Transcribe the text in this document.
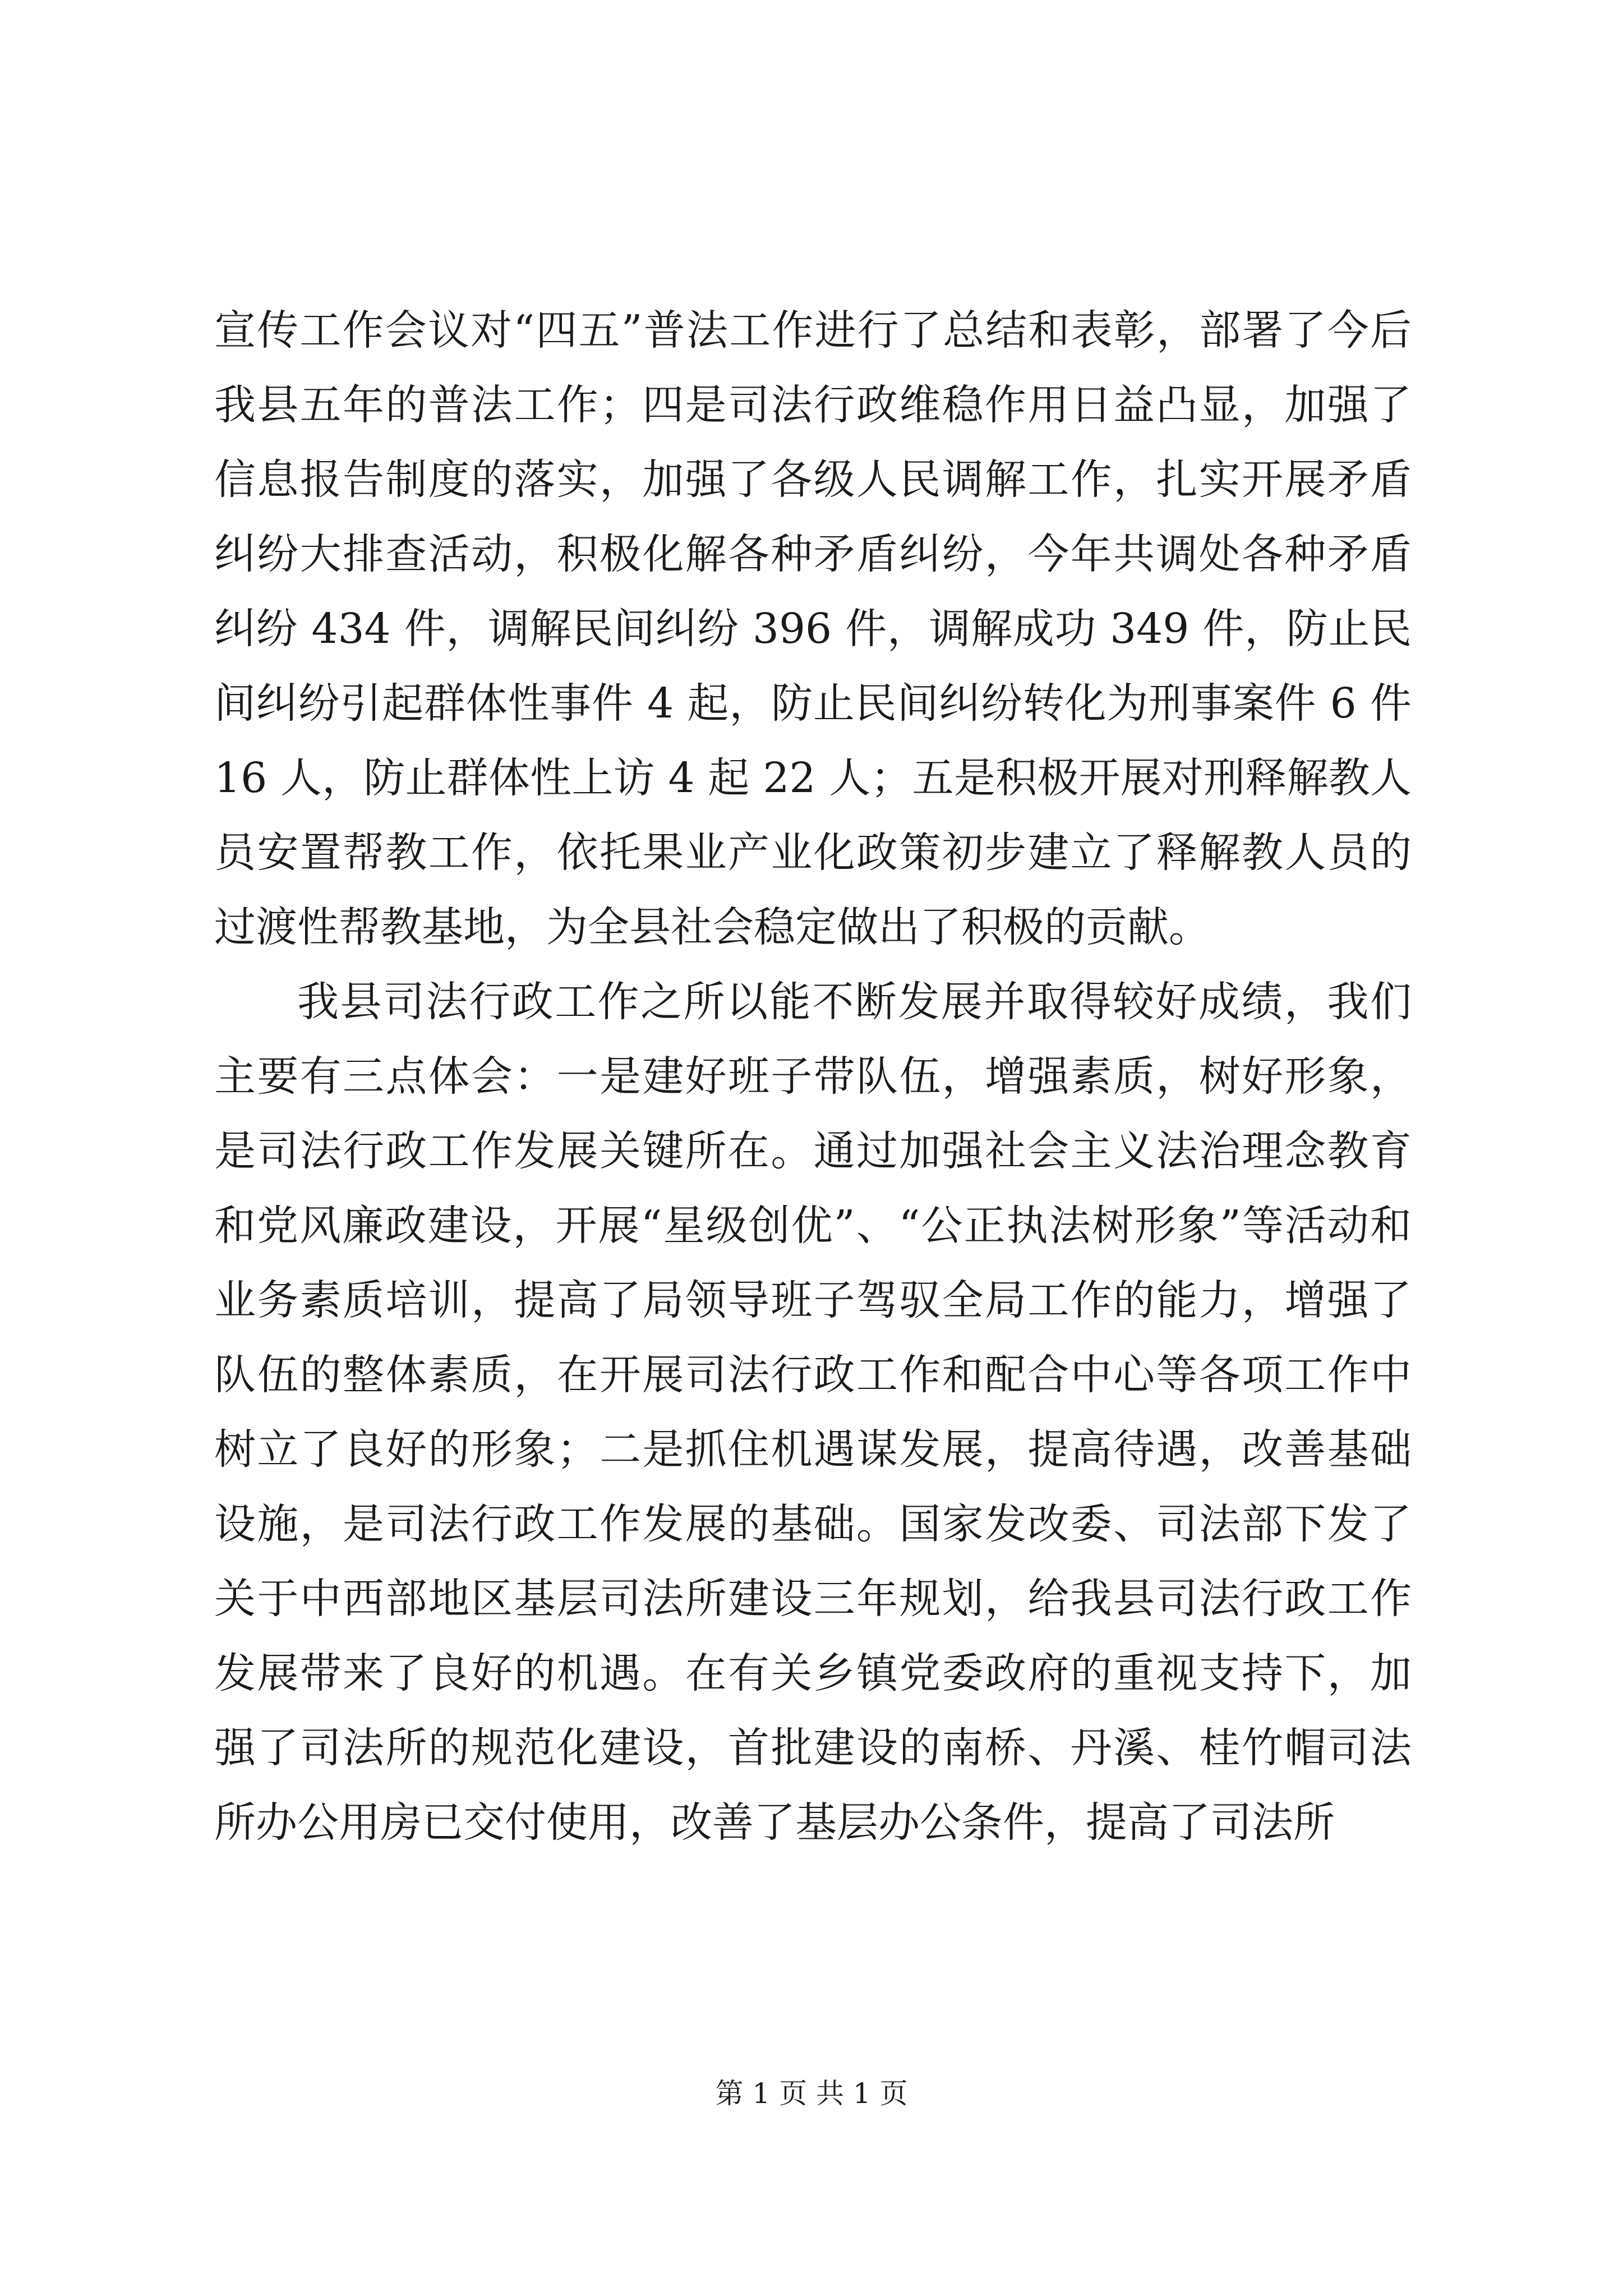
宣传工作会议对“四五”普法工作进行了总结和表彰，部署了今后我县五年的普法工作；四是司法行政维稳作用日益凸显，加强了信息报告制度的落实，加强了各级人民调解工作，扎实开展矛盾纠纷大排查活动，积极化解各种矛盾纠纷，今年共调处各种矛盾纠纷 434 件，调解民间纠纷 396 件，调解成功 349 件，防止民间纠纷引起群体性事件 4 起，防止民间纠纷转化为刑事案件 6 件 16 人，防止群体性上访 4 起 22 人；五是积极开展对刑释解教人员安置帮教工作，依托果业产业化政策初步建立了释解教人员的过渡性帮教基地，为全县社会稳定做出了积极的贡献。

我县司法行政工作之所以能不断发展并取得较好成绩，我们主要有三点体会：一是建好班子带队伍，增强素质，树好形象，是司法行政工作发展关键所在。通过加强社会主义法治理念教育和党风廉政建设，开展“星级创优”、“公正执法树形象”等活动和业务素质培训，提高了局领导班子驾驭全局工作的能力，增强了队伍的整体素质，在开展司法行政工作和配合中心等各项工作中树立了良好的形象；二是抓住机遇谋发展，提高待遇，改善基础设施，是司法行政工作发展的基础。国家发改委、司法部下发了关于中西部地区基层司法所建设三年规划，给我县司法行政工作发展带来了良好的机遇。在有关乡镇党委政府的重视支持下，加强了司法所的规范化建设，首批建设的南桥、丹溪、桂竹帽司法所办公用房已交付使用，改善了基层办公条件，提高了司法所

第 1 页 共 1 页
